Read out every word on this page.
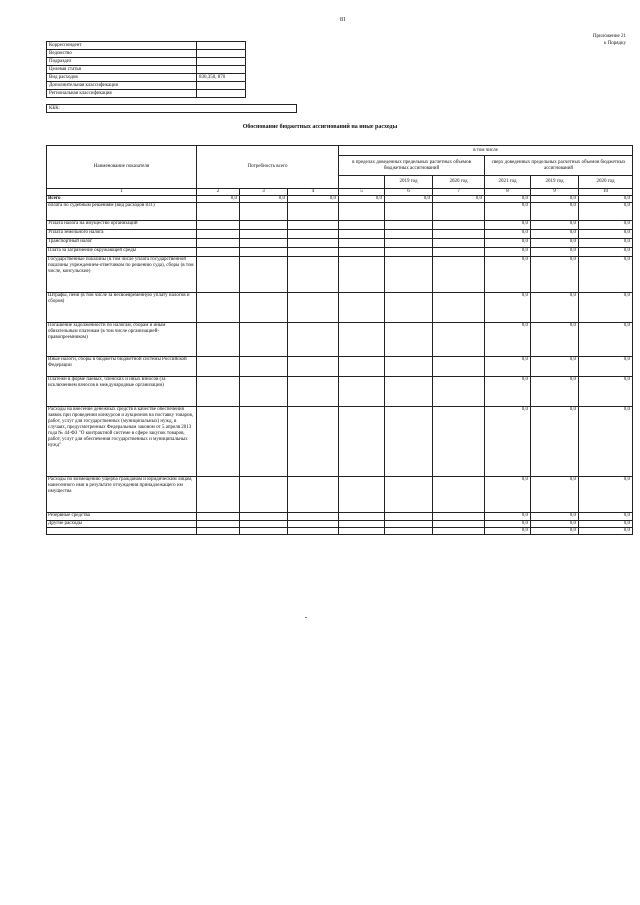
81
Приложение 21
к Порядку
Корреспондент	
Ведомство	
Подраздел	
Целевая статья	
Вид расходов	830,350, 870
Дополнительная классификация	
Региональная классификация	
КБК:
Обоснование бюджетных ассигнований на иные расходы
Наименование показателя	Потребность всего			в том числе						
				в пределах доведенных предельных расчетных объемов бюджетных ассигнований			сверх доведенных предельных расчетных объемов бюджетных ассигнований			
					2019 год	2020 год	2021 год	2019 год	2020 год				
1	2	3	4	5	6	7	8	9	10	
Всего	0,0	0,0	0,0	0,0	0,0	0,0	0,0	0,0	0,0	
оплата по судебным решениям (вид расходов 831)							0,0	0,0	0,0	
Уплата налога на имущество организаций							0,0	0,0	0,0	
Уплата земельного налога							0,0	0,0	0,0	
Транспортный налог							0,0	0,0	0,0	
Плата за загрязнение окружающей среды							0,0	0,0	0,0	
Государственные пошлины (в том числе уплата государственной пошлины учреждением-ответчиком по решению суда), сборы (в том числе, консульские)							0,0	0,0	0,0	
Штрафы, пени (в том числе за несвоевременную уплату налогов и сборов)							0,0	0,0	0,0	
Погашение задолженности по налогам, сборам и иным обязательным платежам (в том числе организацией-правопреемником)							0,0	0,0	0,0	
Иные налоги, сборы в бюджеты бюджетной системы Российской Федерации							0,0	0,0	0,0	
Платежи в форме паевых, членских и иных взносов (за исключением взносов в международные организации)							0,0	0,0	0,0	
Расходы на внесение денежных средств в качестве обеспечения заявок при проведении конкурсов и аукционов на поставку товаров, работ, услуг для государственных (муниципальных) нужд, в случаях, предусмотренных Федеральным законом от 5 апреля 2013 года № 44-ФЗ "О контрактной системе в сфере закупок товаров, работ, услуг для обеспечения государственных и муниципальных нужд"							0,0	0,0	0,0	
Расходы по возмещению ущерба гражданам и юридическим лицам, нанесенного ими в результате отчуждения принадлежащего им имущества							0,0	0,0	0,0	
Резервные средства							0,0	0,0	0,0	
Другие расходы							0,0	0,0	0,0	
							0,0	0,0	0,0	
